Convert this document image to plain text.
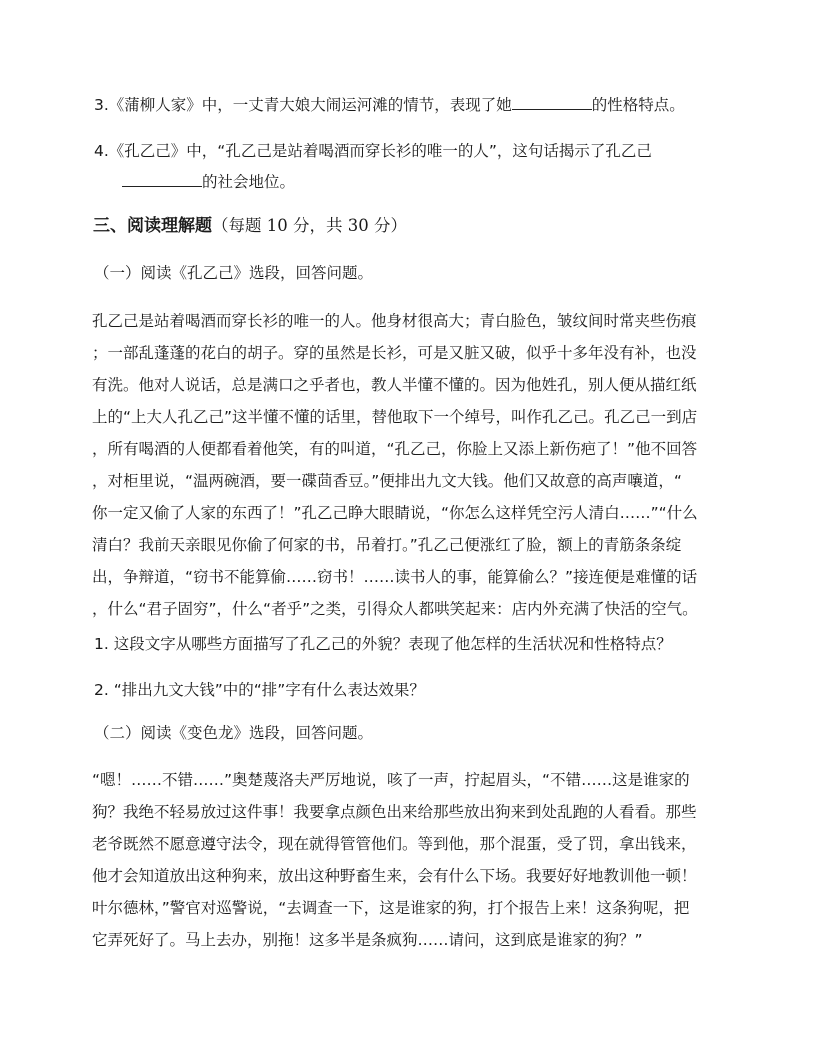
3.《蒲柳人家》中，一丈青大娘大闹运河滩的情节，表现了她	的性格特点。
4.《孔乙己》中，“孔乙己是站着喝酒而穿长衫的唯一的人”，这句话揭示了孔乙己
的社会地位。
三、阅读理解题（每题 10 分，共 30 分）
（一）阅读《孔乙己》选段，回答问题。
孔乙己是站着喝酒而穿长衫的唯一的人。他身材很高大；青白脸色，皱纹间时常夹些伤痕
；一部乱蓬蓬的花白的胡子。穿的虽然是长衫，可是又脏又破，似乎十多年没有补，也没
有洗。他对人说话，总是满口之乎者也，教人半懂不懂的。因为他姓孔，别人便从描红纸
上的“上大人孔乙己”这半懂不懂的话里，替他取下一个绰号，叫作孔乙己。孔乙己一到店
，所有喝酒的人便都看着他笑，有的叫道，“孔乙己，你脸上又添上新伤疤了！”他不回答
，对柜里说，“温两碗酒，要一碟茴香豆。”便排出九文大钱。他们又故意的高声嚷道，“
你一定又偷了人家的东西了！”孔乙己睁大眼睛说，“你怎么这样凭空污人清白……”“什么
清白？我前天亲眼见你偷了何家的书，吊着打。”孔乙己便涨红了脸，额上的青筋条条绽
出，争辩道，“窃书不能算偷……窃书！……读书人的事，能算偷么？”接连便是难懂的话
，什么“君子固穷”，什么“者乎”之类，引得众人都哄笑起来：店内外充满了快活的空气。
1. 这段文字从哪些方面描写了孔乙己的外貌？表现了他怎样的生活状况和性格特点？
2. “排出九文大钱”中的“排”字有什么表达效果？
（二）阅读《变色龙》选段，回答问题。
“嗯！……不错……”奥楚蔑洛夫严厉地说，咳了一声，拧起眉头，“不错……这是谁家的
狗？我绝不轻易放过这件事！我要拿点颜色出来给那些放出狗来到处乱跑的人看看。那些
老爷既然不愿意遵守法令，现在就得管管他们。等到他，那个混蛋，受了罚，拿出钱来，
他才会知道放出这种狗来，放出这种野畜生来，会有什么下场。我要好好地教训他一顿！
叶尔德林，”警官对巡警说，“去调查一下，这是谁家的狗，打个报告上来！这条狗呢，把
它弄死好了。马上去办，别拖！这多半是条疯狗……请问，这到底是谁家的狗？”
